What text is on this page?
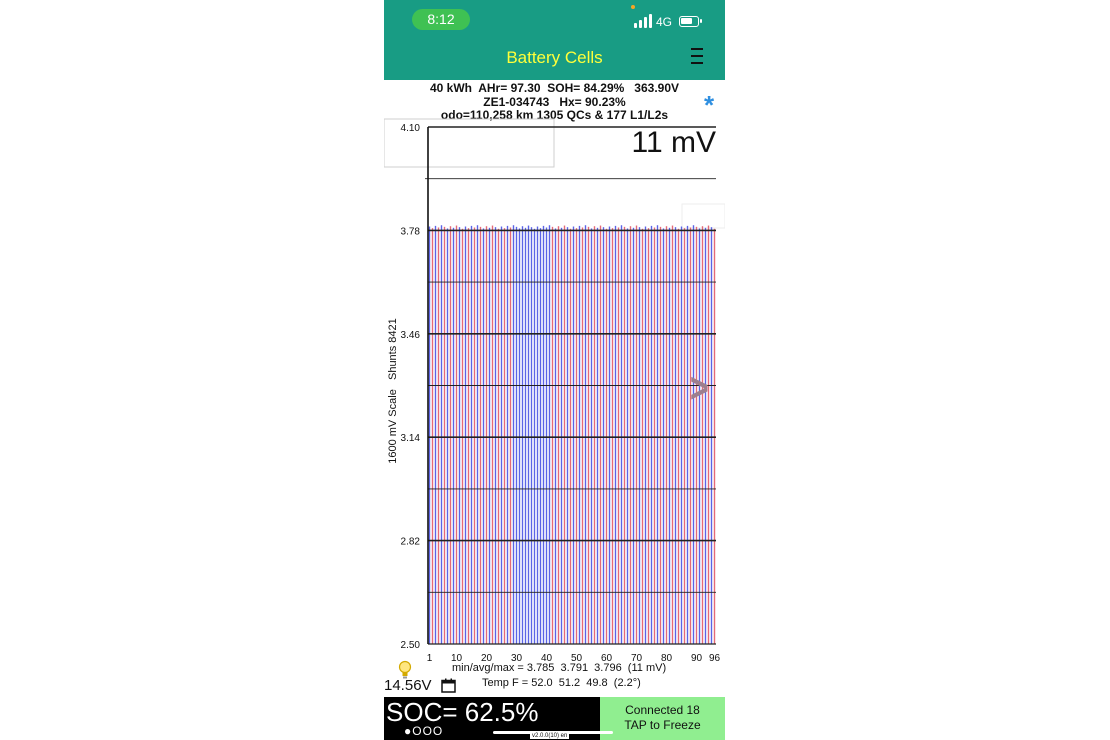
8:12	4G
Battery Cells
40 kWh  AHr= 97.30  SOH= 84.29%   363.90V
ZE1-034743   Hx= 90.23%
odo=110,258 km 1305 QCs & 177 L1/L2s	*
4.10
3.78
3.46
3.14
2.82
2.50
1 10 20 30 40 50 60 70 80 90 96
11 mV
1600 mV Scale   Shunts 8421	>
min/avg/max = 3.785  3.791  3.796  (11 mV)
Temp F = 52.0  51.2  49.8  (2.2°)
14.56V
SOC= 62.5%
●OOO
Connected 18
TAP to Freeze
v2.0.0(10) en
